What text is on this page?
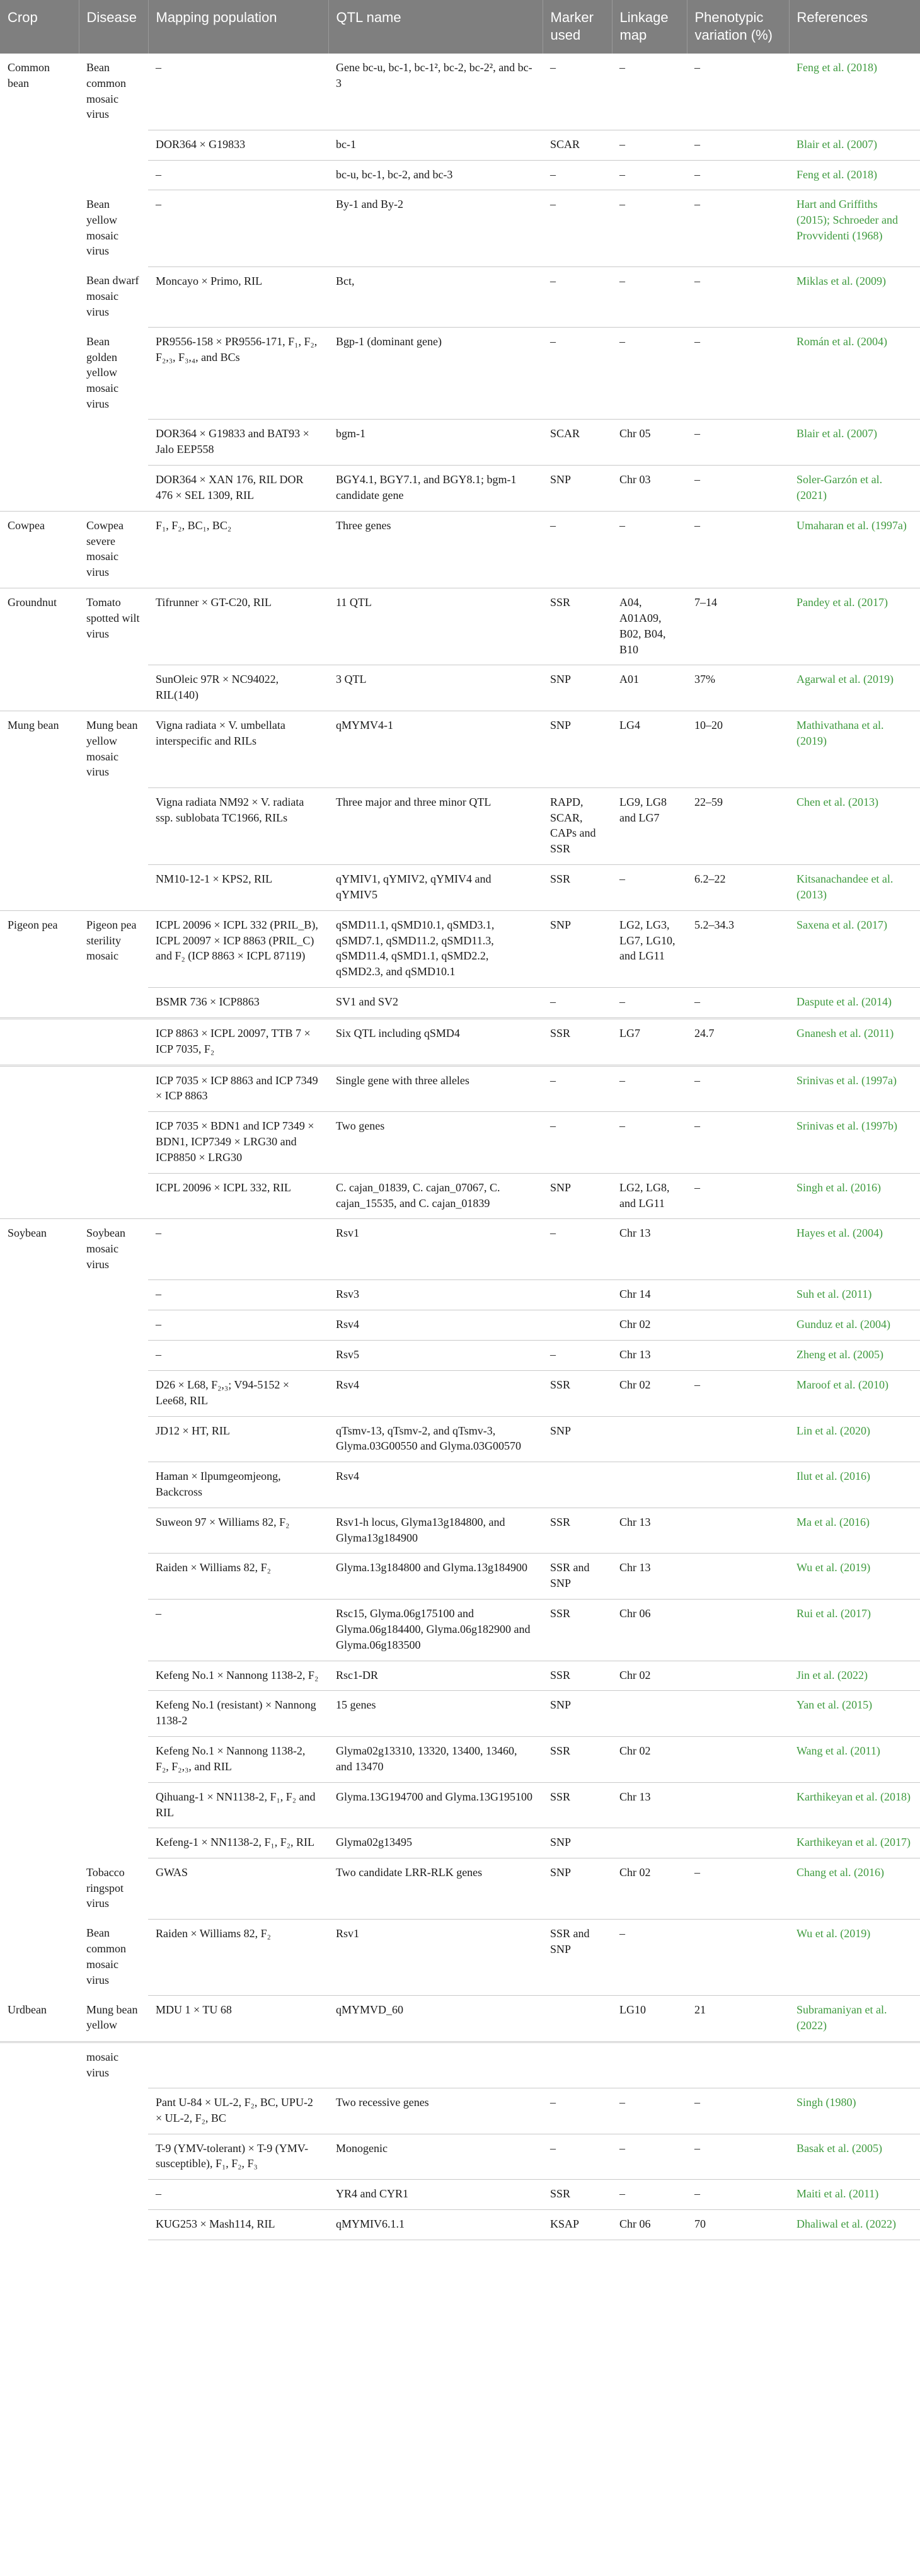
Crop	Disease	Mapping population	QTL name	Marker used	Linkage map	Phenotypic variation (%)	References
Common bean	Bean common mosaic virus	–	Gene bc-u, bc-1, bc-1², bc-2, bc-2², and bc-3	–	–	–	Feng et al. (2018)
		DOR364 × G19833	bc-1	SCAR	–	–	Blair et al. (2007)
		–	bc-u, bc-1, bc-2, and bc-3	–	–	–	Feng et al. (2018)
	Bean yellow mosaic virus	–	By-1 and By-2	–	–	–	Hart and Griffiths (2015); Schroeder and Provvidenti (1968)
	Bean dwarf mosaic virus	Moncayo × Primo, RIL	Bct,	–	–	–	Miklas et al. (2009)
	Bean golden yellow mosaic virus	PR9556-158 × PR9556-171, F₁, F₂, F₂,₃, F₃,₄, and BCs	Bgp-1 (dominant gene)	–	–	–	Román et al. (2004)
		DOR364 × G19833 and BAT93 × Jalo EEP558	bgm-1	SCAR	Chr 05	–	Blair et al. (2007)
		DOR364 × XAN 176, RIL DOR 476 × SEL 1309, RIL	BGY4.1, BGY7.1, and BGY8.1; bgm-1 candidate gene	SNP	Chr 03	–	Soler-Garzón et al. (2021)
Cowpea	Cowpea severe mosaic virus	F₁, F₂, BC₁, BC₂	Three genes	–	–	–	Umaharan et al. (1997a)
Groundnut	Tomato spotted wilt virus	Tifrunner × GT-C20, RIL	11 QTL	SSR	A04, A01A09, B02, B04, B10	7–14	Pandey et al. (2017)
		SunOleic 97R × NC94022, RIL(140)	3 QTL	SNP	A01	37%	Agarwal et al. (2019)
Mung bean	Mung bean yellow mosaic virus	Vigna radiata × V. umbellata interspecific and RILs	qMYMV4-1	SNP	LG4	10–20	Mathivathana et al. (2019)
		Vigna radiata NM92 × V. radiata ssp. sublobata TC1966, RILs	Three major and three minor QTL	RAPD, SCAR, CAPs and SSR	LG9, LG8 and LG7	22–59	Chen et al. (2013)
		NM10-12-1 × KPS2, RIL	qYMIV1, qYMIV2, qYMIV4 and qYMIV5	SSR	–	6.2–22	Kitsanachandee et al. (2013)
Pigeon pea	Pigeon pea sterility mosaic	ICPL 20096 × ICPL 332 (PRIL_B), ICPL 20097 × ICP 8863 (PRIL_C) and F₂ (ICP 8863 × ICPL 87119)	qSMD11.1, qSMD10.1, qSMD3.1, qSMD7.1, qSMD11.2, qSMD11.3, qSMD11.4, qSMD1.1, qSMD2.2, qSMD2.3, and qSMD10.1	SNP	LG2, LG3, LG7, LG10, and LG11	5.2–34.3	Saxena et al. (2017)
		BSMR 736 × ICP8863	SV1 and SV2	–	–	–	Daspute et al. (2014)
		ICP 8863 × ICPL 20097, TTB 7 × ICP 7035, F₂	Six QTL including qSMD4	SSR	LG7	24.7	Gnanesh et al. (2011)
		ICP 7035 × ICP 8863 and ICP 7349 × ICP 8863	Single gene with three alleles	–	–	–	Srinivas et al. (1997a)
		ICP 7035 × BDN1 and ICP 7349 × BDN1, ICP7349 × LRG30 and ICP8850 × LRG30	Two genes	–	–	–	Srinivas et al. (1997b)
		ICPL 20096 × ICPL 332, RIL	C. cajan_01839, C. cajan_07067, C. cajan_15535, and C. cajan_01839	SNP	LG2, LG8, and LG11	–	Singh et al. (2016)
Soybean	Soybean mosaic virus	–	Rsv1	–	Chr 13		Hayes et al. (2004)
		–	Rsv3		Chr 14		Suh et al. (2011)
		–	Rsv4		Chr 02		Gunduz et al. (2004)
		–	Rsv5	–	Chr 13		Zheng et al. (2005)
		D26 × L68, F₂,₃; V94-5152 × Lee68, RIL	Rsv4	SSR	Chr 02	–	Maroof et al. (2010)
		JD12 × HT, RIL	qTsmv-13, qTsmv-2, and qTsmv-3, Glyma.03G00550 and Glyma.03G00570	SNP			Lin et al. (2020)
		Haman × Ilpumgeomjeong, Backcross	Rsv4				Ilut et al. (2016)
		Suweon 97 × Williams 82, F₂	Rsv1-h locus, Glyma13g184800, and Glyma13g184900	SSR	Chr 13		Ma et al. (2016)
		Raiden × Williams 82, F₂	Glyma.13g184800 and Glyma.13g184900	SSR and SNP	Chr 13		Wu et al. (2019)
		–	Rsc15, Glyma.06g175100 and Glyma.06g184400, Glyma.06g182900 and Glyma.06g183500	SSR	Chr 06		Rui et al. (2017)
		Kefeng No.1 × Nannong 1138-2, F₂	Rsc1-DR	SSR	Chr 02		Jin et al. (2022)
		Kefeng No.1 (resistant) × Nannong 1138-2	15 genes	SNP			Yan et al. (2015)
		Kefeng No.1 × Nannong 1138-2, F₂, F₂,₃, and RIL	Glyma02g13310, 13320, 13400, 13460, and 13470	SSR	Chr 02		Wang et al. (2011)
		Qihuang-1 × NN1138-2, F₁, F₂ and RIL	Glyma.13G194700 and Glyma.13G195100	SSR	Chr 13		Karthikeyan et al. (2018)
		Kefeng-1 × NN1138-2, F₁, F₂, RIL	Glyma02g13495	SNP			Karthikeyan et al. (2017)
	Tobacco ringspot virus	GWAS	Two candidate LRR-RLK genes	SNP	Chr 02	–	Chang et al. (2016)
	Bean common mosaic virus	Raiden × Williams 82, F₂	Rsv1	SSR and SNP	–		Wu et al. (2019)
Urdbean	Mung bean yellow	MDU 1 × TU 68	qMYMVD_60		LG10	21	Subramaniyan et al. (2022)
	mosaic virus						
		Pant U-84 × UL-2, F₂, BC, UPU-2 × UL-2, F₂, BC	Two recessive genes	–	–	–	Singh (1980)
		T-9 (YMV-tolerant) × T-9 (YMV-susceptible), F₁, F₂, F₃	Monogenic	–	–	–	Basak et al. (2005)
		–	YR4 and CYR1	SSR	–	–	Maiti et al. (2011)
		KUG253 × Mash114, RIL	qMYMIV6.1.1	KSAP	Chr 06	70	Dhaliwal et al. (2022)
